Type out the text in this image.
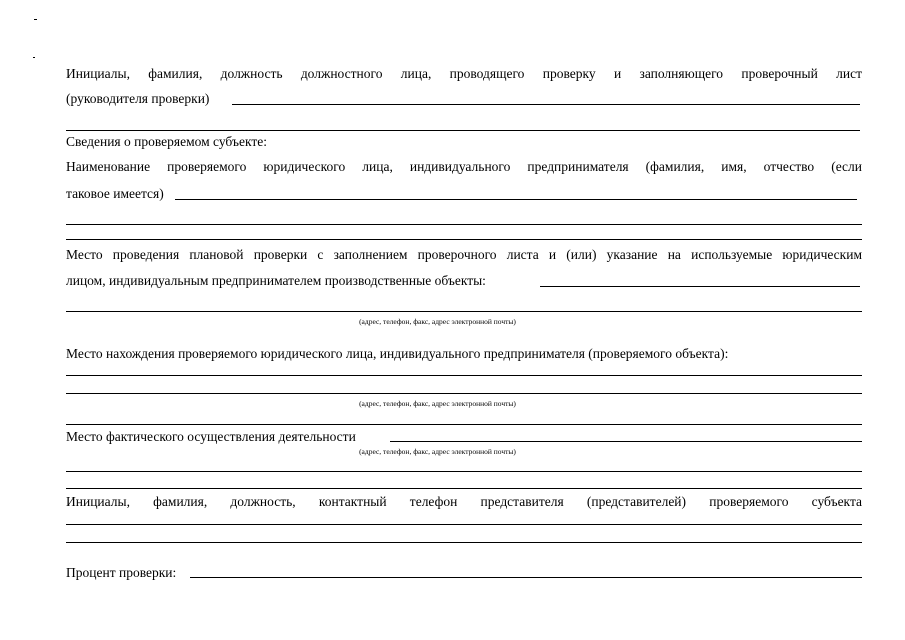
Инициалы, фамилия, должность должностного лица, проводящего проверку и заполняющего проверочный лист
(руководителя проверки)
Сведения о проверяемом субъекте:
Наименование проверяемого юридического лица, индивидуального предпринимателя (фамилия, имя, отчество (если
таковое имеется)
Место проведения плановой проверки с заполнением проверочного листа и (или) указание на используемые юридическим
лицом, индивидуальным предпринимателем производственные объекты:
(адрес, телефон, факс, адрес электронной почты)
Место нахождения проверяемого юридического лица, индивидуального предпринимателя (проверяемого объекта):
(адрес, телефон, факс, адрес электронной почты)
Место фактического осуществления деятельности
(адрес, телефон, факс, адрес электронной почты)
Инициалы, фамилия, должность, контактный телефон представителя (представителей) проверяемого субъекта
Процент проверки:
